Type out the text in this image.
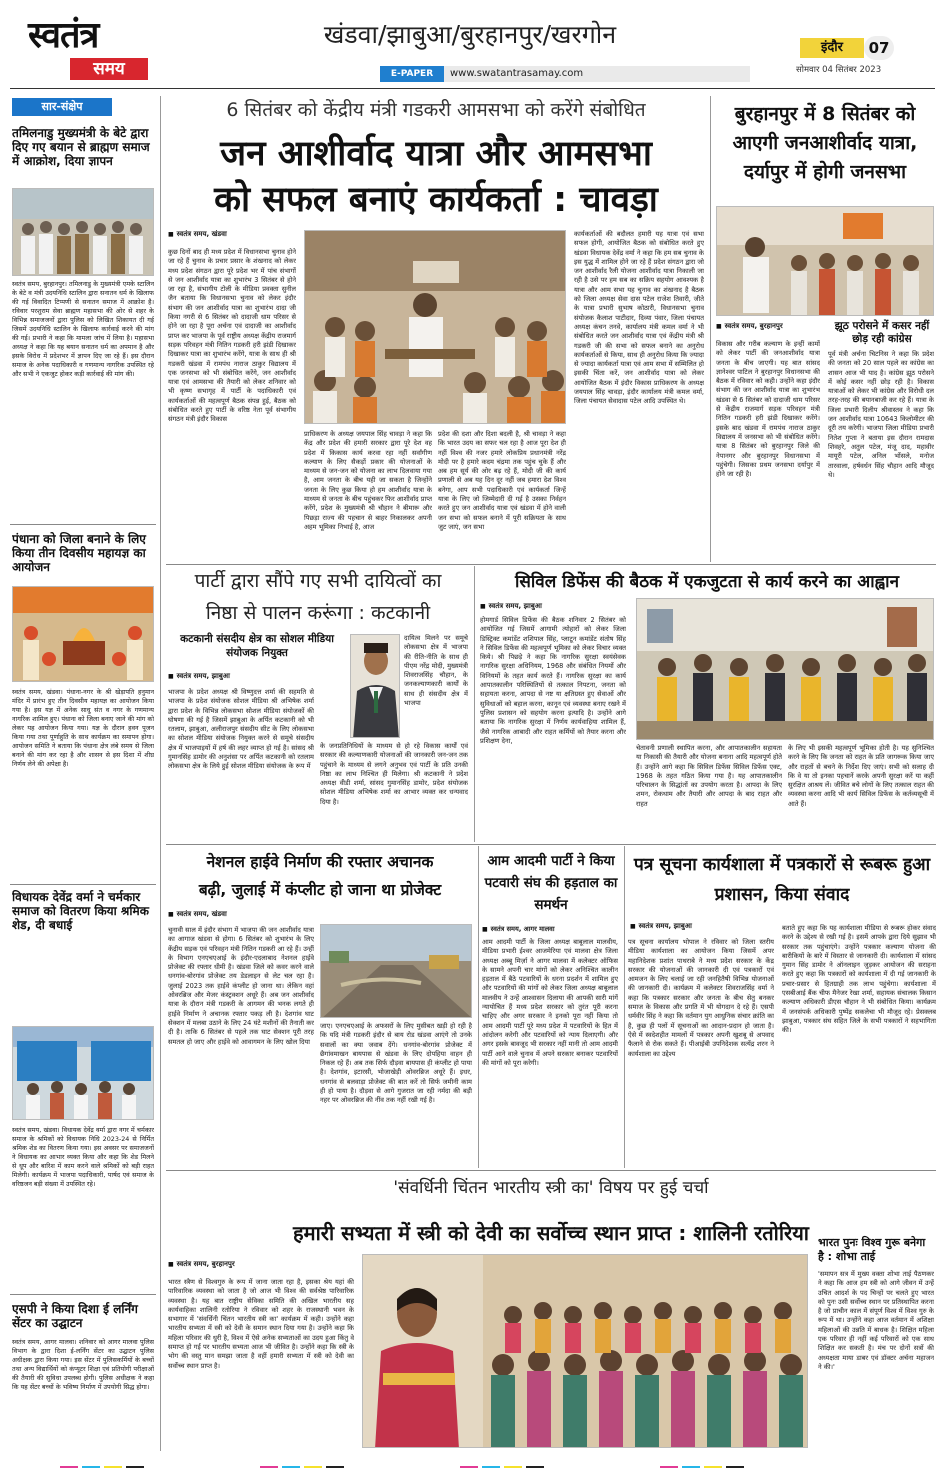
स्वतंत्र
समय
खंडवा/झाबुआ/बुरहानपुर/खरगोन
E-PAPER	www.swatantrasamay.com
इंदौर	07
सोमवार 04 सितंबर 2023
सार-संक्षेप
तमिलनाडु मुख्यमंत्री के बेटे द्वारा दिए गए बयान से ब्राह्मण समाज में आक्रोश, दिया ज्ञापन
स्वतंत्र समय, बुरहानपुर। तमिलनाडु के मुख्यमंत्री एमके स्टालिन के बेटे व मंत्री उदयनिधि स्टालिन द्वारा सनातन धर्म के खिलाफ की गई विवादित टिप्पणी से सनातन समाज में आक्रोश है। रविवार परशुराम सेवा ब्राह्मण महासभा की ओर से शहर के विभिन्न समाजजनों द्वारा पुलिस को लिखित शिकायत दी गई जिसमें उदयनिधि स्टालिन के खिलाफ कार्रवाई करने की मांग की गई। प्रभारी ने कहा कि मामला जांच में लिया है। महासभा अध्यक्ष ने कहा कि यह बयान सनातन धर्म का अपमान है और इसके विरोध में प्रदेशभर में ज्ञापन दिए जा रहे हैं। इस दौरान समाज के अनेक पदाधिकारी व गणमान्य नागरिक उपस्थित रहे और सभी ने एकजुट होकर कड़ी कार्रवाई की मांग की।
पंधाना को जिला बनाने के लिए किया तीन दिवसीय महायज्ञ का आयोजन
स्वतंत्र समय, खंडवा। पंधाना-नगर के श्री खेड़ापति हनुमान मंदिर में प्रारंभ हुए तीन दिवसीय महायज्ञ का आयोजन किया गया है। इस यज्ञ में अनेक साधु संत व नगर के गणमान्य नागरिक शामिल हुए। पंधाना को जिला बनाए जाने की मांग को लेकर यह आयोजन किया गया। यज्ञ के दौरान हवन पूजन किया गया तथा पूर्णाहुति के साथ कार्यक्रम का समापन होगा। आयोजन समिति ने बताया कि पंधाना क्षेत्र लंबे समय से जिला बनाने की मांग कर रहा है और शासन से इस दिशा में शीघ्र निर्णय लेने की अपेक्षा है।
विधायक देवेंद्र वर्मा ने चर्मकार समाज को वितरण किया श्रमिक शेड, दी बधाई
स्वतंत्र समय, खंडवा। विधायक देवेंद्र वर्मा द्वारा नगर में चर्मकार समाज के श्रमिकों को विधायक निधि 2023-24 से निर्मित श्रमिक शेड का वितरण किया गया। इस अवसर पर समाजजनों ने विधायक का आभार व्यक्त किया और कहा कि शेड मिलने से धूप और बारिश में काम करने वाले श्रमिकों को बड़ी राहत मिलेगी। कार्यक्रम में भाजपा पदाधिकारी, पार्षद एवं समाज के वरिष्ठजन बड़ी संख्या में उपस्थित रहे।
एसपी ने किया दिशा ई लर्निंग सेंटर का उद्घाटन
स्वतंत्र समय, आगर मालवा। शनिवार को आगर मालवा पुलिस विभाग के द्वारा दिशा ई-लर्निंग सेंटर का उद्घाटन पुलिस अधीक्षक द्वारा किया गया। इस सेंटर में पुलिसकर्मियों के बच्चों तथा अन्य विद्यार्थियों को कंप्यूटर शिक्षा एवं प्रतियोगी परीक्षाओं की तैयारी की सुविधा उपलब्ध होगी। पुलिस अधीक्षक ने कहा कि यह सेंटर बच्चों के भविष्य निर्माण में उपयोगी सिद्ध होगा।
6 सितंबर को केंद्रीय मंत्री गडकरी आमसभा को करेंगे संबोधित
जन आशीर्वाद यात्रा और आमसभा
को सफल बनाएं कार्यकर्ता : चावड़ा
■ स्वतंत्र समय, खंडवा
कुछ दिनों बाद ही मध्य प्रदेश में विधानसभा चुनाव होने जा रहे हैं चुनाव के प्रचार प्रसार के शंखनाद को लेकर मध्य प्रदेश संगठन द्वारा पूरे प्रदेश भर में पांच संभागों से जन आशीर्वाद यात्रा का शुभारंभ 3 सितंबर से होने जा रहा है, संभागीय टोली के मीडिया प्रवक्ता सुनील जैन बताया कि विधानसभा चुनाव को लेकर इंदौर संभाग की जन आशीर्वाद यात्रा का शुभारंभ दादा जी किया नगरी से 6 सितंबर को दादाजी धाम परिसर से होने जा रहा है पूरा अर्चना एवं दादाजी का आशीर्वाद प्राप्त कर भाजपा के पूर्व राष्ट्रीय अध्यक्ष केंद्रीय राजमार्ग सड़क परिवहन मंत्री नितिन गडकरी हरी झंडी दिखाकर दिखाकर यात्रा का शुभारंभ करेंगे, यात्रा के साथ ही श्री गडकरी खंडवा में रामपंथ नाराज ठाकुर विद्यालय में एक जनसभा को भी संबोधित करेंगे, जन आशीर्वाद यात्रा एवं आमसभा की तैयारी को लेकर शनिवार को भी कृष्ण सभागृह में पार्टी के पदाधिकारी एवं कार्यकर्ताओं की महत्वपूर्ण बैठक संपन्न हुई, बैठक को संबोधित करते हुए पार्टी के वरिष्ठ नेता पूर्व संभागीय संगठन मंत्री इंदौर विकास
प्राधिकरण के अध्यक्ष जयपाल सिंह चावड़ा ने कहा कि केंद्र और प्रदेश की हमारी सरकार द्वारा पूरे देश वह प्रदेश में किकास कार्य करवा रहा नहीं सर्वांगीण कल्याण के लिए सैकड़ों प्रकार की योजनाओं के माध्यम से जन-जन को योजना का लाभ दिलवाया गया है, आम जनता के बीच यही जा सकता है जिन्होंने जनता के लिए कुछ किया हो हम आशीर्वाद यात्रा के माध्यम से जनता के बीच पहुंचकर फिर आशीर्वाद प्राप्त करेंगे, प्रदेश के मुख्यमंत्री श्री चौहान ने बीमारू और पिछड़ा राज्य की पहचान से बाहर निकालकर अपनी अहम भूमिका निभाई है, आज
प्रदेश की दशा और दिशा बदली है, श्री चावड़ा ने कहा कि भारत उदय का सफर चल रहा है आज पूरा देश ही नहीं विश्व की नजर हमारे लोकप्रिय प्रधानमंत्री नरेंद्र मोदी पर है हमारे कदम चंद्रमा तक पहुंच चुके हैं और अब हम सूर्य की ओर बढ़ रहे हैं, मोदी जी की कार्य प्रणाली से अब यह दिन दूर नहीं जब हमारा देश विश्व बनेगा, आप सभी पदाधिकारी एवं कार्यकर्ता जिन्हें यात्रा के लिए जो जिम्मेदारी दी गई है उसका निर्वहन करते हुए जन आशीर्वाद यात्रा एवं खंडवा में होने वाली जन सभा को सफल बनाने में पूरी सक्रियता के साथ जुट जाएं, जन सभा
कार्यकर्ताओं की बदौलत हमारी यह यात्रा एवं सभा सफल होगी, आयोजित बैठक को संबोधित करते हुए खंडवा विधायक देवेंद्र वर्मा ने कहा कि हम सब चुनाव के इस युद्ध में शामिल होने जा रहे हैं प्रदेश संगठन द्वारा जो जन आशीर्वाद रैली योजना आशीर्वाद यात्रा निकाली जा रही है उसे पर हम सब का सक्रिय सहयोग आवश्यक है यात्रा और आम सभा यह चुनाव का शंखनाद है बैठक को जिला अध्यक्ष सेवा दास पटेल राजेश तिवारी, जीते के यात्रा प्रभारी सुभाष कोठारी, विधानसभा चुनाव संयोजक कैलाश पाटीदार, दिव्या पंवार, जिला पंचायत अध्यक्ष कंचन तनवे, कार्यालय मंत्री कमल वर्मा ने भी संबोधित करते जन आशीर्वाद यात्रा एवं केंद्रीय मंत्री श्री गडकरी जी की सभा को सफल बनाने का अनुरोध कार्यकर्ताओं से किया, साथ ही अनुरोध किया कि ज्यादा से ज्यादा कार्यकर्ता यात्रा एवं आम सभा में सम्मिलित हो इसकी चिंता करें, जन आशीर्वाद यात्रा को लेकर आयोजित बैठक में इंदौर विकास प्राधिकरण के अध्यक्ष जयपाल सिंह चावड़ा, इंदौर कार्यालय मंत्री कमल वर्मा, जिला पंचायत सेवादास पटेल आदि उपस्थित थे।
बुरहानपुर में 8 सितंबर को आएगी जनआशीर्वाद यात्रा, दर्यापुर में होगी जनसभा
■ स्वतंत्र समय, बुरहानपुर
विकास और गरीब कल्याण के इन्हीं कामों को लेकर पार्टी की जनआशीर्वाद यात्रा जनता के बीच जाएगी। यह बात सांसद ज्ञानेश्वर पाटिल ने बुरहानपुर विधानसभा की बैठक में रविवार को कही। उन्होंने कहा इंदौर संभाग की जन आशीर्वाद यात्रा का शुभारंभ खंडवा से 6 सितंबर को दादाजी धाम परिसर से केंद्रीय राजमार्ग सड़क परिवहन मंत्री नितिन गडकरी हरी झंडी दिखाकर करेंगे। इसके बाद खंडवा में रामपंथ नाराज ठाकुर विद्यालय में जनसभा को भी संबोधित करेंगे। यात्रा 8 सितंबर को बुरहानपुर जिले की नेपानगर और बुरहानपुर विधानसभा में पहुंचेगी। जिसका प्रथम जनसभा दर्यापुर में होने जा रही है।
झूठ परोसने में कसर नहीं छोड़ रही कांग्रेस
पूर्व मंत्री अर्चना चिटनिस ने कहा कि प्रदेश की जनता को 20 साल पहले का कांग्रेस का शासन आज भी याद है। कांग्रेस झूठ परोसने में कोई कसर नहीं छोड़ रही है। विकास यात्राओं को लेकर भी कांग्रेस और विरोधी दल तरह-तरह की बयानबाजी कर रहे हैं। यात्रा के जिला प्रभारी दिलीप श्रीवास्तव ने कहा कि जन आशीर्वाद यात्रा 10643 किलोमीटर की दूरी तय करेगी। भाजपा जिला मीडिया प्रभारी नितेश गुप्ता ने बताया इस दौरान रामदास शिवहरे, अतुल पटेल, मंजू दाद, महावीर मायूरी पटेल, अनिल भोंसले, मनोज तारवाला, हर्षवर्धन सिंह चौहान आदि मौजूद थे।
पार्टी द्वारा सौंपे गए सभी दायित्वों का
निष्ठा से पालन करूंगा : कटकानी
कटकानी संसदीय क्षेत्र का सोशल मीडिया संयोजक नियुक्त
■ स्वतंत्र समय, झाबुआ
भाजपा के प्रदेश अध्यक्ष श्री विष्णुदत्त शर्मा की सहमति से भाजपा के प्रदेश संयोजक सोशल मीडिया श्री अभिषेक शर्मा द्वारा प्रदेश के विभिन्न लोकसभा सोशल मीडिया संयोजकों की घोषणा की गई है जिसमें झाबुआ के अर्पित कटकानी को भी रतलाम, झाबुआ, अलीराजपुर संसदीय सीट के लिए लोकसभा का सोशल मीडिया संयोजक नियुक्त करने से समूचे संसदीय क्षेत्र में भाजपाइयों में हर्ष की लहर व्याप्त हो गई है। सांसद श्री गुमानसिंह डामोर की अनुशंसा पर अर्पित कटकानी को रतलाम लोकसभा क्षेत्र के लिये हुई सोशल मीडिया संयोजक के रूप में
दायित्व मिलने पर समूचे लोकसभा क्षेत्र में भाजपा की रीति-नीति के साथ ही पीएम नरेंद्र मोदी, मुख्यमंत्री शिवराजसिंह चौहान, के जनकल्याणकारी कार्यों के साथ ही संसदीय क्षेत्र में भाजपा
के जनप्रतिनिधियों के माध्यम से हो रहे विकास कार्यों एवं सरकार की कल्याणकारी योजनाओं की जानकारी जन-जन तक पहुंचाने के माध्यम से लगने अनुभव एवं पार्टी के प्रति उनकी निष्ठा का लाभ निश्चित ही मिलेगा। श्री कटकानी ने प्रदेश अध्यक्ष वीडी शर्मा, सांसद गुमानसिंह डामोर, प्रदेश संयोजक सोशल मीडिया अभिषेक शर्मा का आभार व्यक्त कर धन्यवाद दिया है।
सिविल डिफेंस की बैठक में एकजुटता से कार्य करने का आह्वान
■ स्वतंत्र समय, झाबुआ
होमगार्ड सिविल डिफेंस की बैठक शनिवार 2 सितंबर को आयोजित गई जिसमें आगामी त्योहारों को लेकर जिला डिस्ट्रिक्ट कमांडेंट शशिपाल सिंह, प्लाटून कमांडेंट संतोष सिंह ने सिविल डिफेंस की महत्वपूर्ण भूमिका को लेकर विचार व्यक्त किये। श्री पिछड़े ने कहा कि नागरिक सुरक्षा स्वयंसेवक नागरिक सुरक्षा अधिनियम, 1968 और संबंधित नियमों और विनियमों के तहत कार्य करते हैं। नागरिक सुरक्षा का कार्य आपातकालीन परिस्थितियों से तत्काल निपटना, जनता को सहायता करना, आपदा से नष्ट या क्षतिग्रस्त हुए सेवाओं और सुविधाओं को बहाल करना, कानून एवं व्यवस्था बनाए रखने में पुलिस प्रशासन को सहयोग करना इत्यादि है। उन्होंने आगे बताया कि नागरिक सुरक्षा में निर्णय कार्यवाहिया शामिल हैं, जैसे नागरिक आबादी और राहत कर्मियों को तैयार करना और प्रशिक्षण देना,
चेतावनी प्रणाली स्थापित करना, और आपातकालीन सहायता या निकासी की तैयारी और योजना बनाना आदि महत्वपूर्ण होते हैं। उन्होंने आगे कहा कि सिविल डिफेंस सिविल डिफेंस एक्ट, 1968 के तहत गठित किया गया है। यह आपातकालीन परिचालन के सिद्धांतों का उपयोग करता है। आपदा के लिए शमन, रोकथाम और तैयारी और आपदा के बाद राहत और राहत
के लिए भी इसकी महत्वपूर्ण भूमिका होती है। यह सुनिश्चित करने के लिए कि जनता को राहत के प्रति जागरूक किया जाए और राहतों से बचने के निर्देश दिए जाएं। सभी को सलाह दी कि वे या तो इनका पहचानें करके अपनी सुरक्षा करें या कहीं सुरक्षित आश्रय लें। जीवित बचे लोगों के लिए तत्काल राहत की व्यवस्था करना आदि भी कार्य सिविल डिफेंस के कर्तव्यसूची में आते हैं।
नेशनल हाईवे निर्माण की रफ्तार अचानक
बढ़ी, जुलाई में कंप्लीट हो जाना था प्रोजेक्ट
■ स्वतंत्र समय, खंडवा
चुनावी साल में इंदौर संभाग में भाजपा की जन आशीर्वाद यात्रा का आगाज खंडवा से होगा। 6 सितंबर को शुभारंभ के लिए केंद्रीय सड़क एवं परिवहन मंत्री नितिन गडकरी आ रहे हैं। उन्हीं के विभाग एनएचएआई के इंदौर-एदलाबाद नेशनल हाईवे प्रोजेक्ट की रफ्तार धीमी है। खंडवा जिले को कवर करने वाले धनगांव-बोरगांव प्रोजेक्ट तय डेडलाइन से लेट चल रहा है। जुलाई 2023 तक हाईवे कंप्लीट हो जाना था। लेकिन वहां ओवरब्रिज और मेजर कंस्ट्रक्शन अधूरे हैं। अब जन आशीर्वाद यात्रा के दौरान मंत्री गडकरी के आगमन की भनक लगते ही हाईवे निर्माण ने अचानक रफ्तार पकड़ ली है। देशगांव घाट सेक्शन में मलबा उठाने के लिए 24 घंटे मशीनों की तैनाती कर दी है। ताकि 6 सितंबर से पहले तक घाट सेक्शन पूरी तरह समतल हो जाए और हाईवे को आवागमन के लिए खोल दिया
जाए। एनएचएआई के अफसरों के लिए मुसीबत खड़ी हो रही है कि यदि मंत्री गडकरी इंदौर से बाय रोड खंडवा आएंगे तो उनके सवालों का क्या जवाब देंगे। धनगांव-बोरगांव प्रोजेक्ट में छैगांवमाखन बायपास से खंडवा के लिए दोपहिया वाहन ही निकल रहे हैं। अब तक सिर्फ दौड़वा बायपास ही कंप्लीट हो पाया है। देशगांव, इटारसी, भोजाखेड़ी ओवरब्रिज अधूरे हैं। इधर, धनगांव से बलवाड़ा प्रोजेक्ट की बात करें तो सिर्फ जमीनी काम ही हो पाया है। दौड़वा से आगे गुजरात जा रही नर्मदा की बड़ी नहर पर ओवरब्रिज की नींव तक नहीं रखी गई है।
आम आदमी पार्टी ने किया पटवारी संघ की हड़ताल का समर्थन
■ स्वतंत्र समय, आगर मालवा
आम आदमी पार्टी के जिला अध्यक्ष बाबूलाल मालवीय, मीडिया प्रभारी ईश्वर आजमेरिया एवं मालवा क्षेत्र जिला अध्यक्ष अब्बू मिर्ज़ा ने आगर मालवा में कलेक्टर ऑफिस के सामने अपनी चार मांगों को लेकर अनिश्चित कालीन हड़ताल में बैठे पटवारियों के धरना प्रदर्शन में शामिल हुए और पटवारियों की मांगों को लेकर जिला अध्यक्ष बाबूलाल मालवीय ने उन्हें आश्वासन दिलाया की आपकी सारी मांगें न्यायोचित हैं मध्य प्रदेश सरकार को तुरंत पूरी करना चाहिए और अगर सरकार ने इनको पूरा नहीं किया तो आम आदमी पार्टी पूरे मध्य प्रदेश में पटवारियों के हित में आंदोलन करेगी और पटवारियों को न्याय दिलाएगी। और अगर इसके बावजूद भी सरकार नहीं मानी तो आम आदमी पार्टी आने वाले चुनाव में अपने सरकार बनाकर पटवारियों की मांगों को पूरा करेगी।
पत्र सूचना कार्यशाला में पत्रकारों से रूबरू हुआ प्रशासन, किया संवाद
■ स्वतंत्र समय, झाबुआ
पत्र सूचना कार्यालय भोपाल ने रविवार को जिला स्तरीय मीडिया कार्यशाला का आयोजन किया जिसमें अपर महानिदेशक प्रशांत पाथराबे ने मध्य प्रदेश सरकार के केंद्र सरकार की योजनाओं की जानकारी दी एवं पत्रकारों एवं आमजन के लिए चलाई जा रही जनहितैषी विभिन्न योजनाओं की जानकारी दी। कार्यक्रम में कलेक्टर शिवराजसिंह वर्मा ने कहा कि पत्रकार सरकार और जनता के बीच सेतु बनकर समाज के विकास और प्रगति में भी योगदान दे रहे हैं। एसपी धर्मवीर सिंह ने कहा कि वर्तमान युग आधुनिक संचार क्रांति का है, कुछ ही पलों में सूचनाओं का आदान-प्रदान हो जाता है। ऐसे में स्वदेशहीत मामलों में पत्रकार अपनी खुशबू से अपवाद फैलाने से रोक सकते हैं। पीआईबी उपनिदेशक सत्येंद्र शरन ने कार्यशाला का उद्देश्य
बताते हुए कहा कि यह कार्यशाला मीडिया से रूबरू होकर संवाद करने के उद्देश्य से रखी गई है। इसमें आपके द्वारा दिये सुझाव भी सरकार तक पहुंचाएंगे। उन्होंने पत्रकार कल्याण योजना की बारीकियों के बारे में विस्तार से जानकारी दी। कार्यशाला में सांसद गुमान सिंह डामोर ने ऑनलाइन जुड़कर आयोजन की सराहना करते हुए कहा कि पत्रकारों को कार्यशाला में दी गई जानकारी के प्रचार-प्रसार से हितग्राही तक लाभ पहुंचेगा। कार्यशाला में एसबीआई बैंक चीफ मैनेजर रेखा शर्मा, सहायक संचालक किसान कल्याण अधिकारी डीएस चौहान ने भी संबोधित किया। कार्यक्रम में जनसंपर्क अधिकारी पुष्पेंद्र सकलेचा भी मौजूद रहे। प्रेसक्लब झाबुआ, पत्रकार संघ सहित जिले के सभी पत्रकारों ने सहभागिता की।
'संवर्धिनी चिंतन भारतीय स्त्री का' विषय पर हुई चर्चा
हमारी सभ्यता में स्त्री को देवी का सर्वोच्च स्थान प्राप्त : शालिनी रतोरिया
■ स्वतंत्र समय, बुरहानपुर
भारत स्त्रैण से विश्वगुरु के रूप में जाना जाता रहा है, इसका श्रेय यहां की पारिवारिक व्यवस्था को जाता है जो आज भी विश्व की सर्वश्रेष्ठ पारिवारिक व्यवस्था है। यह बात राष्ट्रीय सेविका समिति की अखिल भारतीय सह कार्यवाहिका शालिनी रतोरिया ने रविवार को शहर के राजस्थानी भवन के सभागार में 'संवर्धिनी चिंतन भारतीय स्त्री का' कार्यक्रम में कही। उन्होंने कहा भारतीय सभ्यता में स्त्री को देवी के समान स्थान दिया गया है। उन्होंने कहा कि महिला परिवार की धुरी है, विश्व में ऐसे अनेक सभ्यताओं का उदय हुआ किंतु वे समाप्त हो गईं पर भारतीय सभ्यता आज भी जीवित है। उन्होंने कहा कि स्त्री के भोग की वस्तु मान समझा जाता है वहीं हमारी सभ्यता में स्त्री को देवी का सर्वोच्च स्थान प्राप्त है।
भारत पुनः विश्व गुरू बनेगा है : शोभा ताई
'समापन सत्र में मुख्य वक्ता शोभा ताई पैठणकर ने कहा कि आज हम स्त्री को आगे जीवन में उन्हें उचित आदर्श के पद चिन्हों पर चलते हुए भारत को पुनः उसी सर्वोच्च स्थान पर प्रतिस्थापित करना है जो प्राचीन काल में संपूर्ण विश्व में विश्व गुरु के रूप में था। उन्होंने कहा आज वर्तमान में अशिक्षा महिलाओं की उन्नति में बाधक है। शिक्षित महिला एक परिवार ही नहीं कई परिवारों को एक साथ शिक्षित कर सकती है। मंच पर दोनों सत्रों की अध्यक्षता माया डाबर एवं डॉक्टर अर्चना महाजन ने की।'
